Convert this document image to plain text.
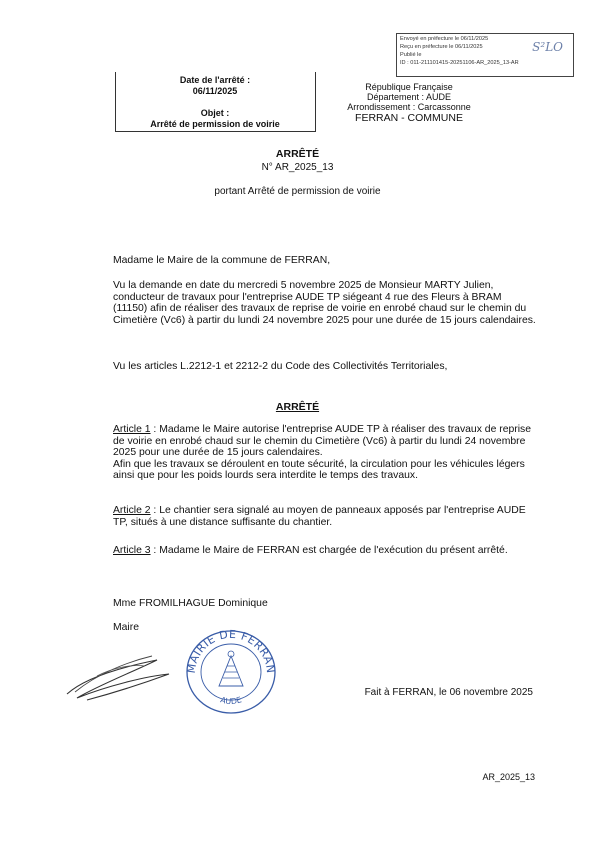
Envoyé en préfecture le 06/11/2025
Reçu en préfecture le 06/11/2025
Publié le
ID : 011-211101415-20251106-AR_2025_13-AR
S²LO
Date de l'arrêté :
06/11/2025
Objet :
Arrêté de permission de voirie
République Française
Département : AUDE
Arrondissement : Carcassonne
FERRAN - COMMUNE
ARRÊTÉ
N° AR_2025_13
portant Arrêté de permission de voirie
Madame le Maire de la commune de FERRAN,
Vu la demande en date du mercredi 5 novembre 2025 de Monsieur MARTY Julien, conducteur de travaux pour l'entreprise AUDE TP siégeant 4 rue des Fleurs à BRAM (11150) afin de réaliser des travaux de reprise de voirie en enrobé chaud sur le chemin du Cimetière (Vc6) à partir du lundi 24 novembre 2025 pour une durée de 15 jours calendaires.
Vu les articles L.2212-1 et 2212-2 du Code des Collectivités Territoriales,
ARRÊTÉ

Article 1 : Madame le Maire autorise l'entreprise AUDE TP à réaliser des travaux de reprise de voirie en enrobé chaud sur le chemin du Cimetière (Vc6) à partir du lundi 24 novembre 2025 pour une durée de 15 jours calendaires.

Afin que les travaux se déroulent en toute sécurité, la circulation pour les véhicules légers ainsi que pour les poids lourds sera interdite le temps des travaux.

Article 2 : Le chantier sera signalé au moyen de panneaux apposés par l'entreprise AUDE TP, situés à une distance suffisante du chantier.

Article 3 : Madame le Maire de FERRAN est chargée de l'exécution du présent arrêté.

Mme FROMILHAGUE Dominique
Maire
MAIRIE DE FERRAN
AUDE
Fait à FERRAN, le 06 novembre 2025
AR_2025_13
